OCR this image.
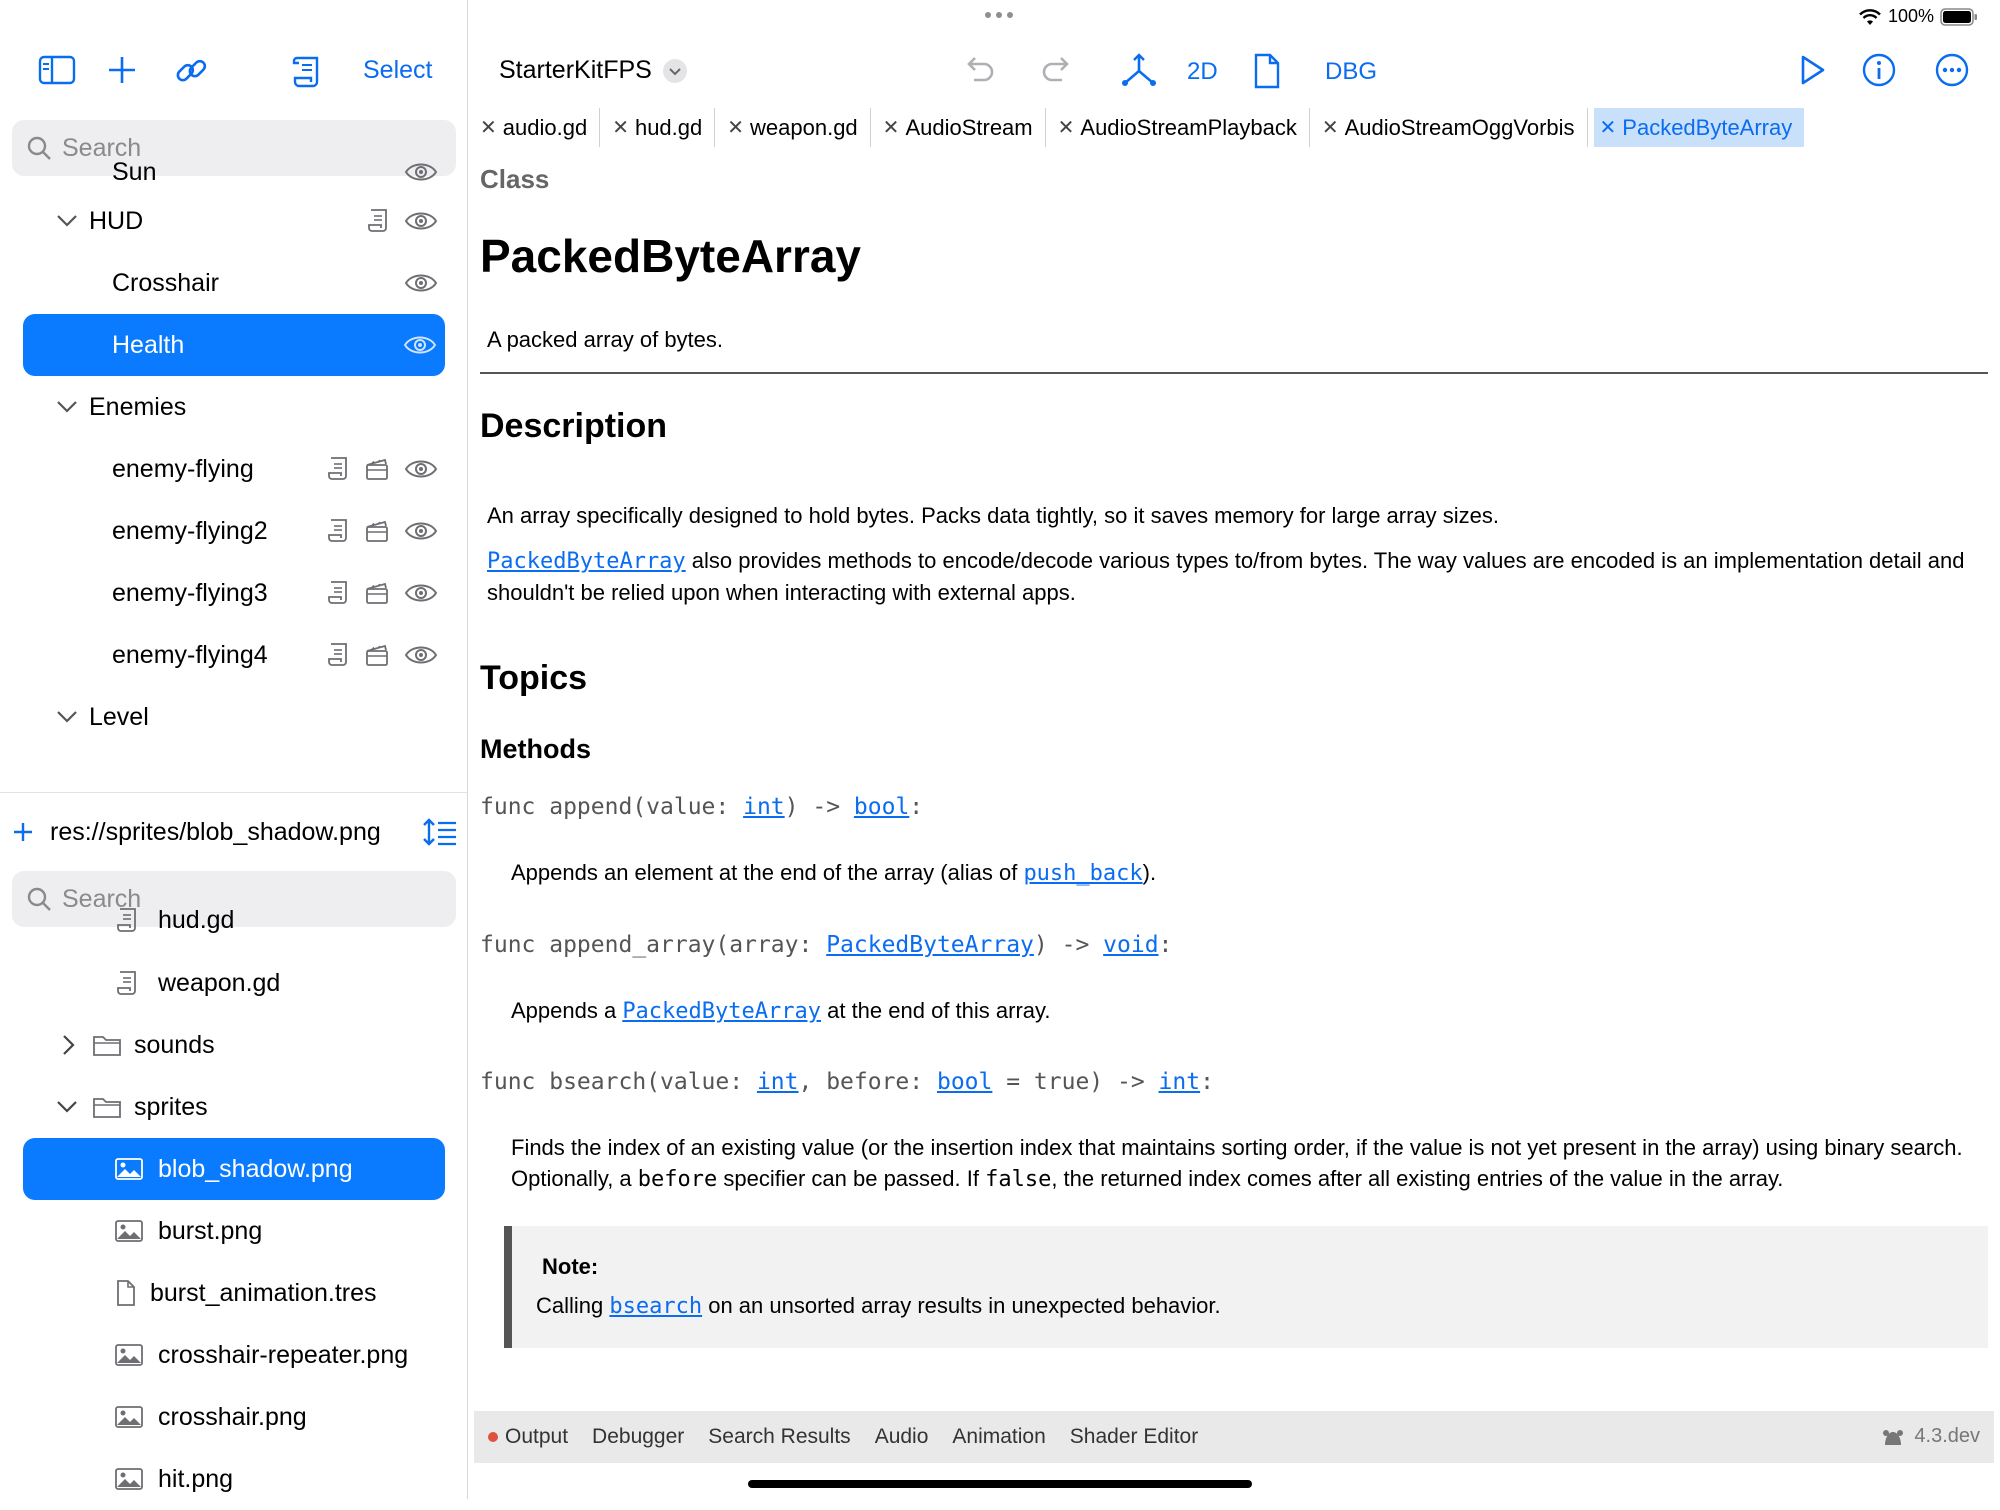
100%
Select
Search
Sun
HUD
Crosshair
Health
Enemies
enemy-flying
enemy-flying2
enemy-flying3
enemy-flying4
Level
res://sprites/blob_shadow.png
Search
hud.gd
weapon.gd
sounds
sprites
blob_shadow.png
burst.png
burst_animation.tres
crosshair-repeater.png
crosshair.png
hit.png
StarterKitFPS	2D	DBG
✕ audio.gd ✕ hud.gd ✕ weapon.gd ✕ AudioStream ✕ AudioStreamPlayback ✕ AudioStreamOggVorbis ✕ PackedByteArray
Class
PackedByteArray
A packed array of bytes.
Description
An array specifically designed to hold bytes. Packs data tightly, so it saves memory for large array sizes.
PackedByteArray also provides methods to encode/decode various types to/from bytes. The way values are encoded is an implementation detail and shouldn't be relied upon when interacting with external apps.
Topics
Methods
func append(value: int) -> bool:
Appends an element at the end of the array (alias of push_back).
func append_array(array: PackedByteArray) -> void:
Appends a PackedByteArray at the end of this array.
func bsearch(value: int, before: bool = true) -> int:
Finds the index of an existing value (or the insertion index that maintains sorting order, if the value is not yet present in the array) using binary search. Optionally, a before specifier can be passed. If false, the returned index comes after all existing entries of the value in the array.
Note:
Calling bsearch on an unsorted array results in unexpected behavior.
Output Debugger Search Results Audio Animation Shader Editor	4.3.dev
